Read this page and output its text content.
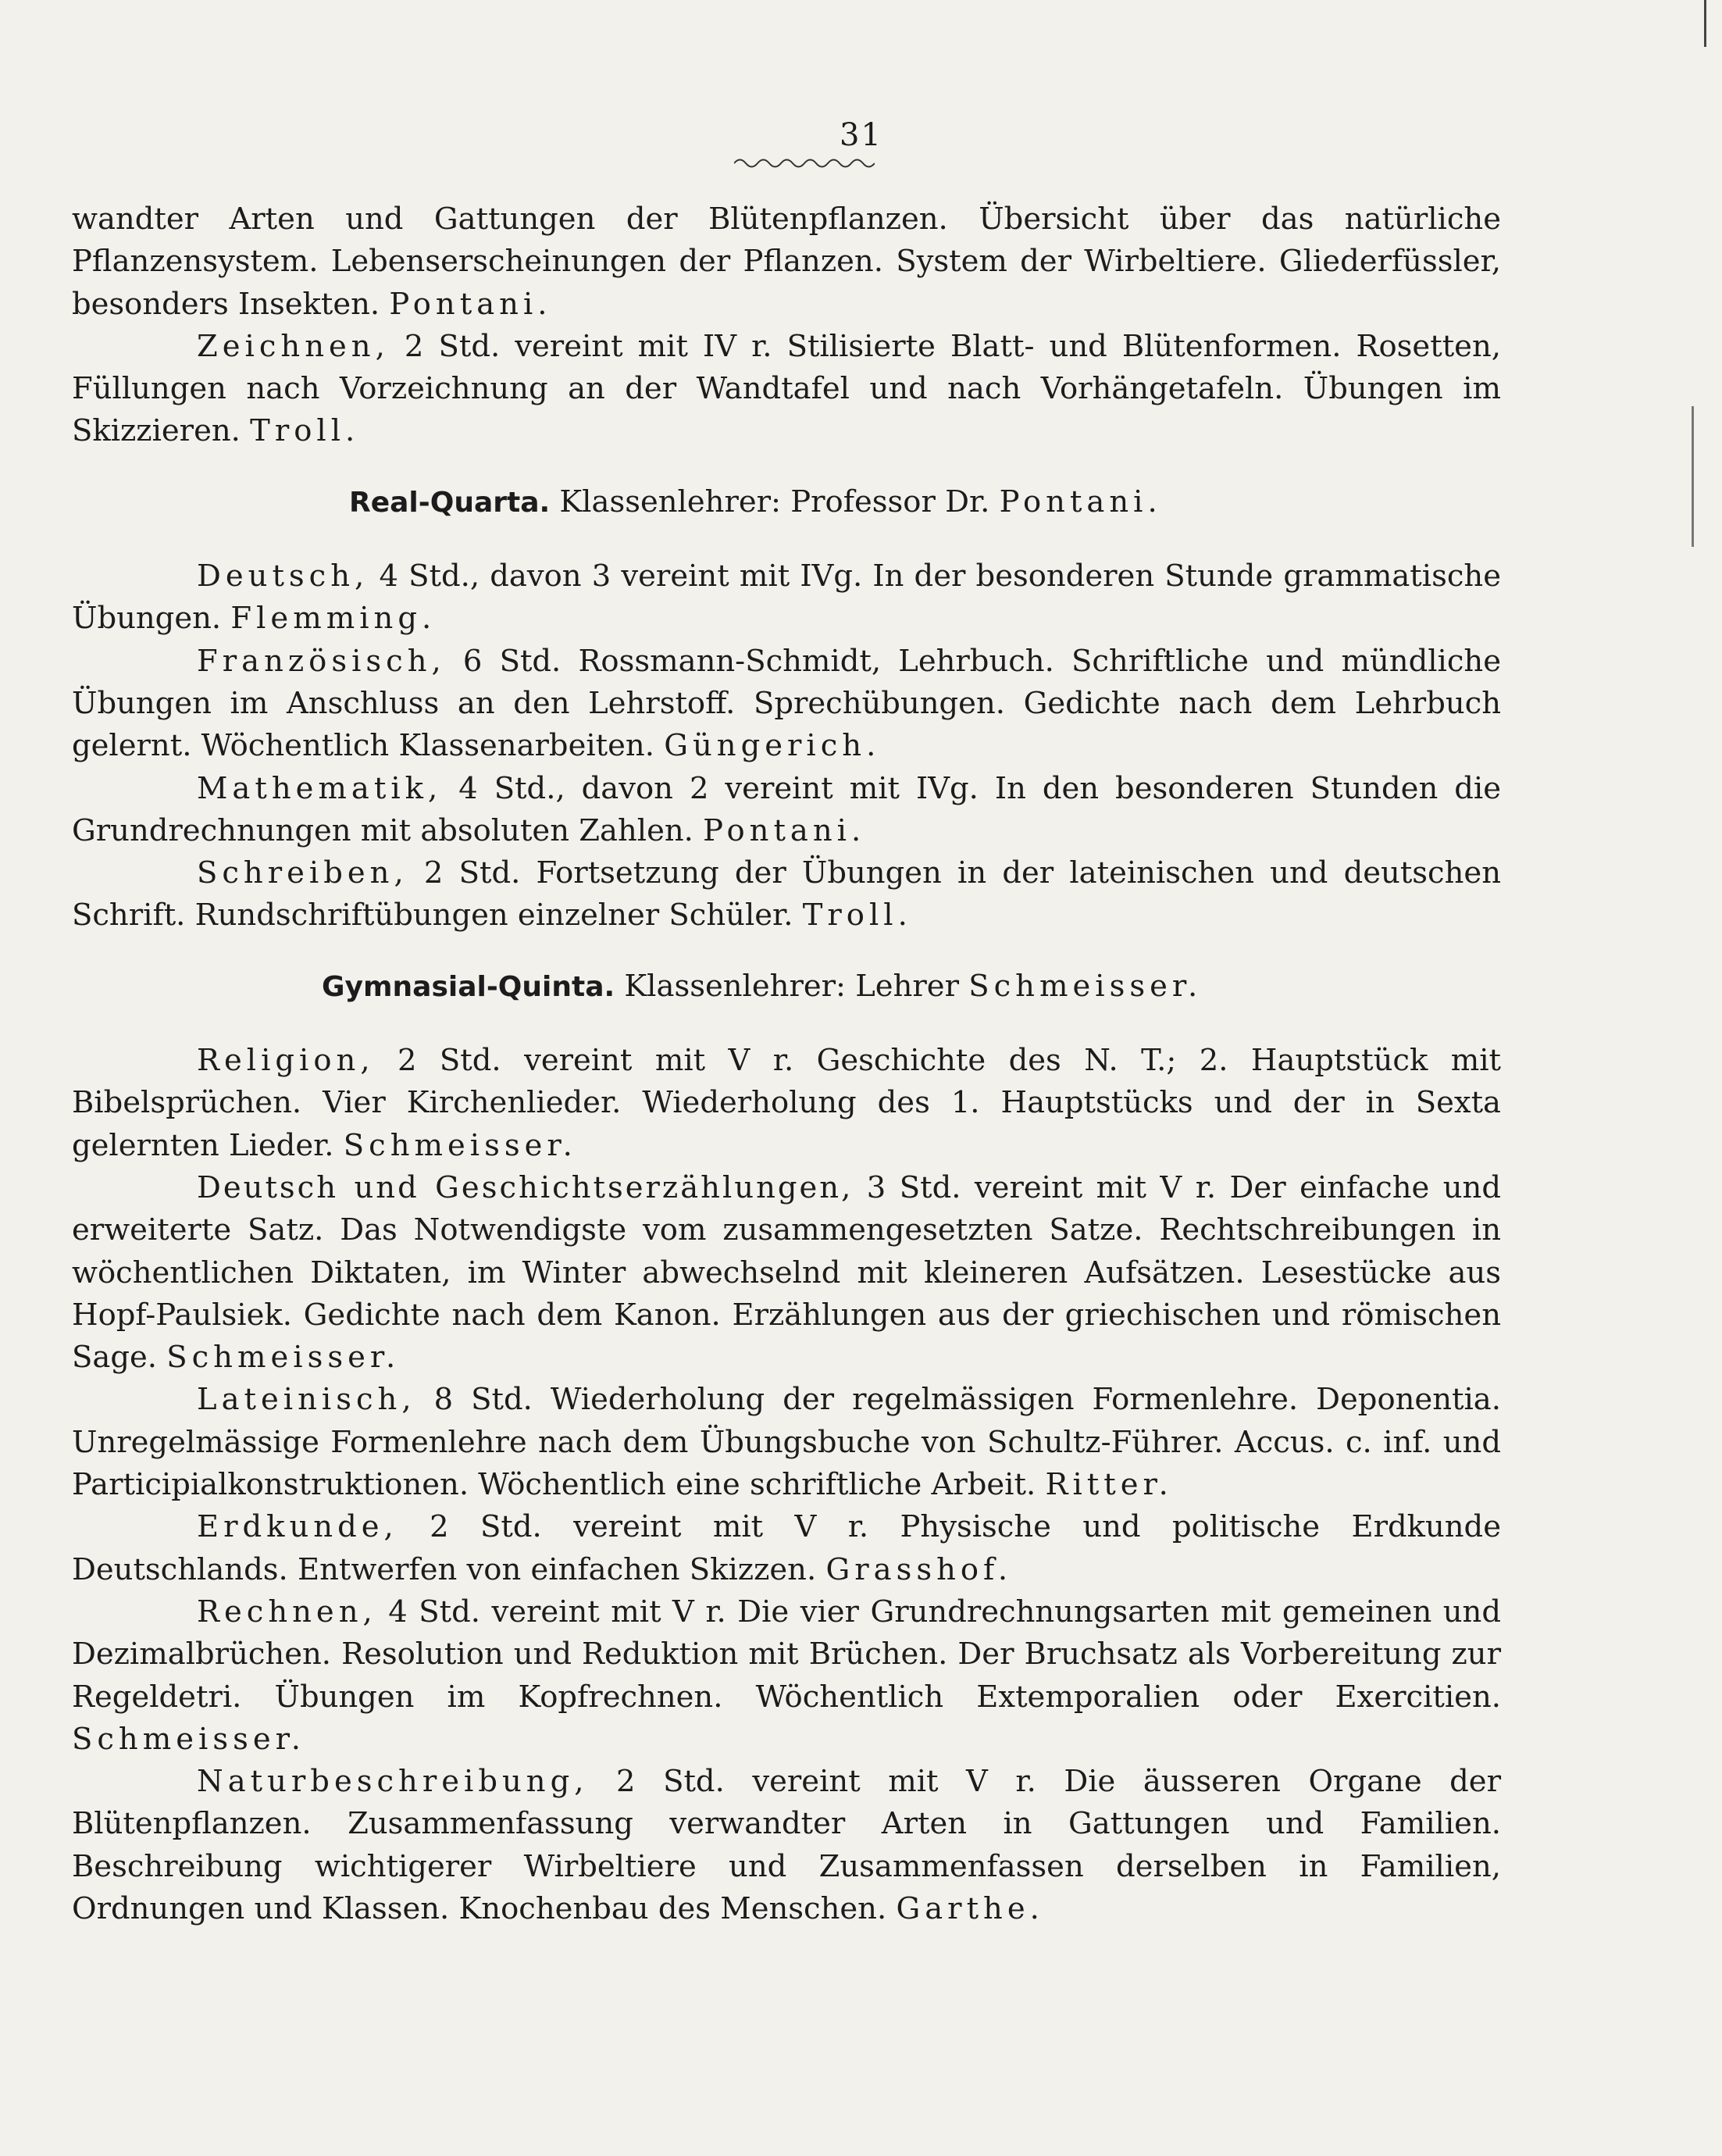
31

wandter Arten und Gattungen der Blütenpflanzen. Übersicht über das natürliche Pflanzensystem. Lebenserscheinungen der Pflanzen. System der Wirbeltiere. Gliederfüssler, besonders Insekten. Pontani.

Zeichnen, 2 Std. vereint mit IV r. Stilisierte Blatt- und Blütenformen. Rosetten, Füllungen nach Vorzeichnung an der Wandtafel und nach Vorhängetafeln. Übungen im Skizzieren. Troll.

Real-Quarta. Klassenlehrer: Professor Dr. Pontani.

Deutsch, 4 Std., davon 3 vereint mit IVg. In der besonderen Stunde grammatische Übungen. Flemming.

Französisch, 6 Std. Rossmann-Schmidt, Lehrbuch. Schriftliche und mündliche Übungen im Anschluss an den Lehrstoff. Sprechübungen. Gedichte nach dem Lehrbuch gelernt. Wöchentlich Klassenarbeiten. Güngerich.

Mathematik, 4 Std., davon 2 vereint mit IVg. In den besonderen Stunden die Grundrechnungen mit absoluten Zahlen. Pontani.

Schreiben, 2 Std. Fortsetzung der Übungen in der lateinischen und deutschen Schrift. Rundschriftübungen einzelner Schüler. Troll.

Gymnasial-Quinta. Klassenlehrer: Lehrer Schmeisser.

Religion, 2 Std. vereint mit V r. Geschichte des N. T.; 2. Hauptstück mit Bibelsprüchen. Vier Kirchenlieder. Wiederholung des 1. Hauptstücks und der in Sexta gelernten Lieder. Schmeisser.

Deutsch und Geschichtserzählungen, 3 Std. vereint mit V r. Der einfache und erweiterte Satz. Das Notwendigste vom zusammengesetzten Satze. Rechtschreibungen in wöchentlichen Diktaten, im Winter abwechselnd mit kleineren Aufsätzen. Lesestücke aus Hopf-Paulsiek. Gedichte nach dem Kanon. Erzählungen aus der griechischen und römischen Sage. Schmeisser.

Lateinisch, 8 Std. Wiederholung der regelmässigen Formenlehre. Deponentia. Unregelmässige Formenlehre nach dem Übungsbuche von Schultz-Führer. Accus. c. inf. und Participialkonstruktionen. Wöchentlich eine schriftliche Arbeit. Ritter.

Erdkunde, 2 Std. vereint mit V r. Physische und politische Erdkunde Deutschlands. Entwerfen von einfachen Skizzen. Grasshof.

Rechnen, 4 Std. vereint mit V r. Die vier Grundrechnungsarten mit gemeinen und Dezimalbrüchen. Resolution und Reduktion mit Brüchen. Der Bruchsatz als Vorbereitung zur Regeldetri. Übungen im Kopfrechnen. Wöchentlich Extemporalien oder Exercitien. Schmeisser.

Naturbeschreibung, 2 Std. vereint mit V r. Die äusseren Organe der Blütenpflanzen. Zusammenfassung verwandter Arten in Gattungen und Familien. Beschreibung wichtigerer Wirbeltiere und Zusammenfassen derselben in Familien, Ordnungen und Klassen. Knochenbau des Menschen. Garthe.
